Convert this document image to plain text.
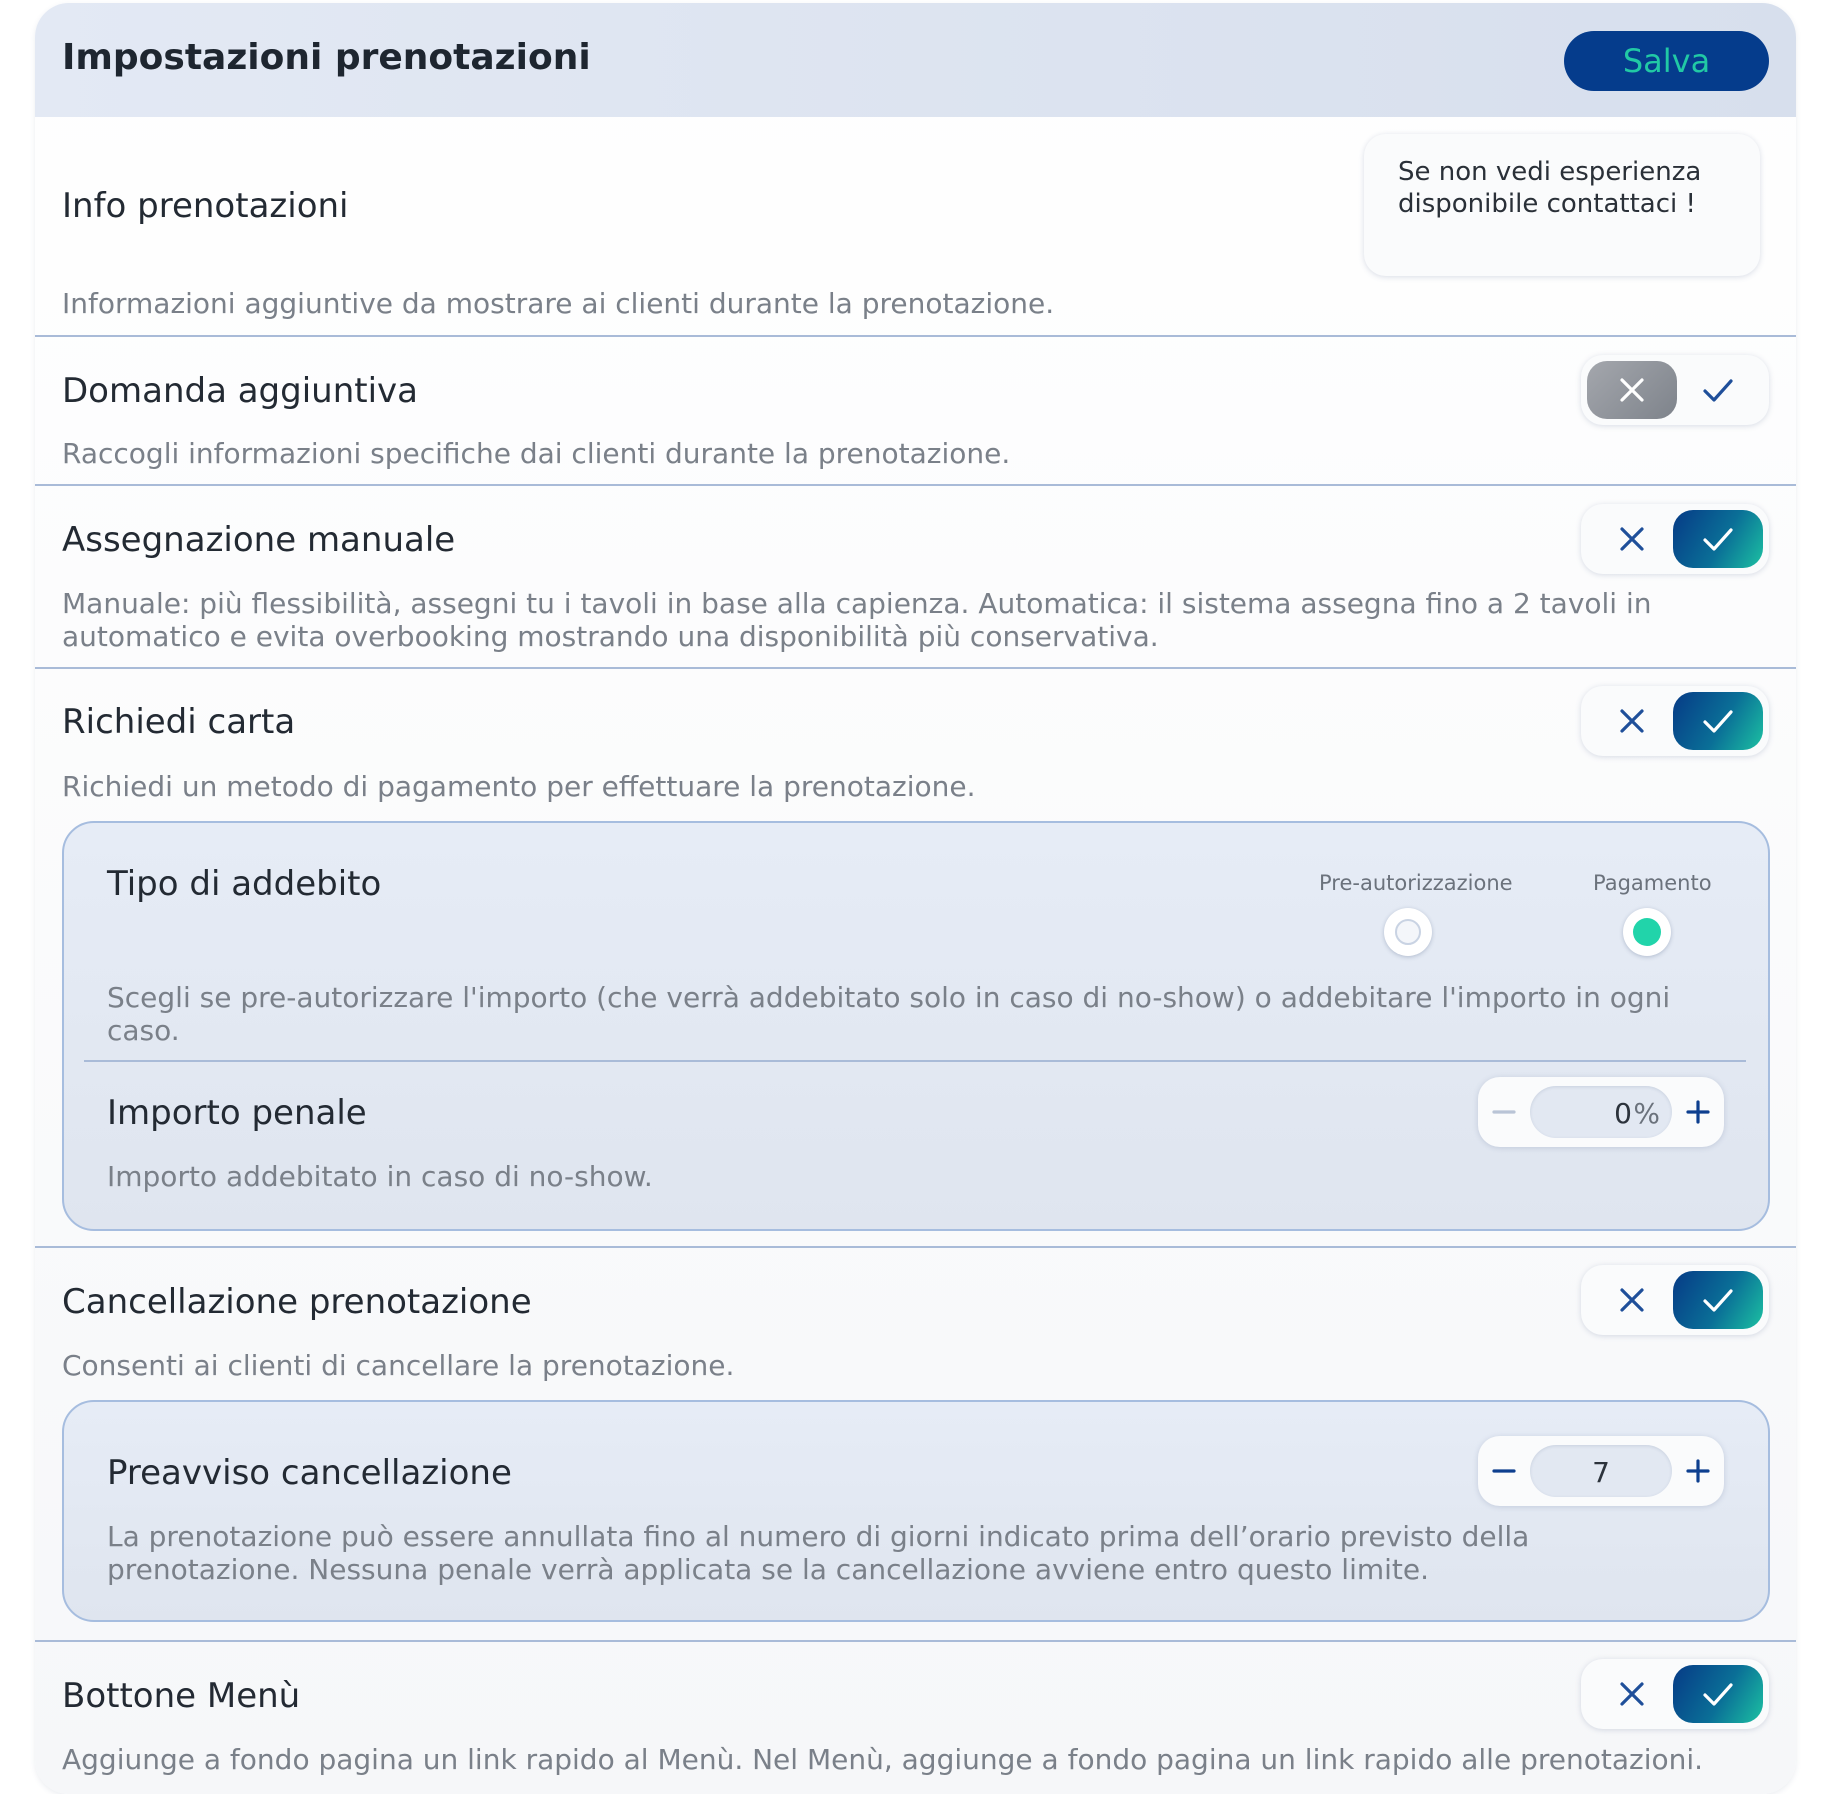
Impostazioni prenotazioni	Salva
Info prenotazioni
Se non vedi esperienza disponibile contattaci !
Informazioni aggiuntive da mostrare ai clienti durante la prenotazione.
Domanda aggiuntiva
Raccogli informazioni specifiche dai clienti durante la prenotazione.
Assegnazione manuale
Manuale: più flessibilità, assegni tu i tavoli in base alla capienza. Automatica: il sistema assegna fino a 2 tavoli in automatico e evita overbooking mostrando una disponibilità più conservativa.
Richiedi carta
Richiedi un metodo di pagamento per effettuare la prenotazione.
Tipo di addebito	Pre-autorizzazione	Pagamento
Scegli se pre-autorizzare l'importo (che verrà addebitato solo in caso di no-show) o addebitare l'importo in ogni caso.
Importo penale	0 %
Importo addebitato in caso di no-show.
Cancellazione prenotazione
Consenti ai clienti di cancellare la prenotazione.
Preavviso cancellazione	7
La prenotazione può essere annullata fino al numero di giorni indicato prima dell’orario previsto della prenotazione. Nessuna penale verrà applicata se la cancellazione avviene entro questo limite.
Bottone Menù
Aggiunge a fondo pagina un link rapido al Menù. Nel Menù, aggiunge a fondo pagina un link rapido alle prenotazioni.
